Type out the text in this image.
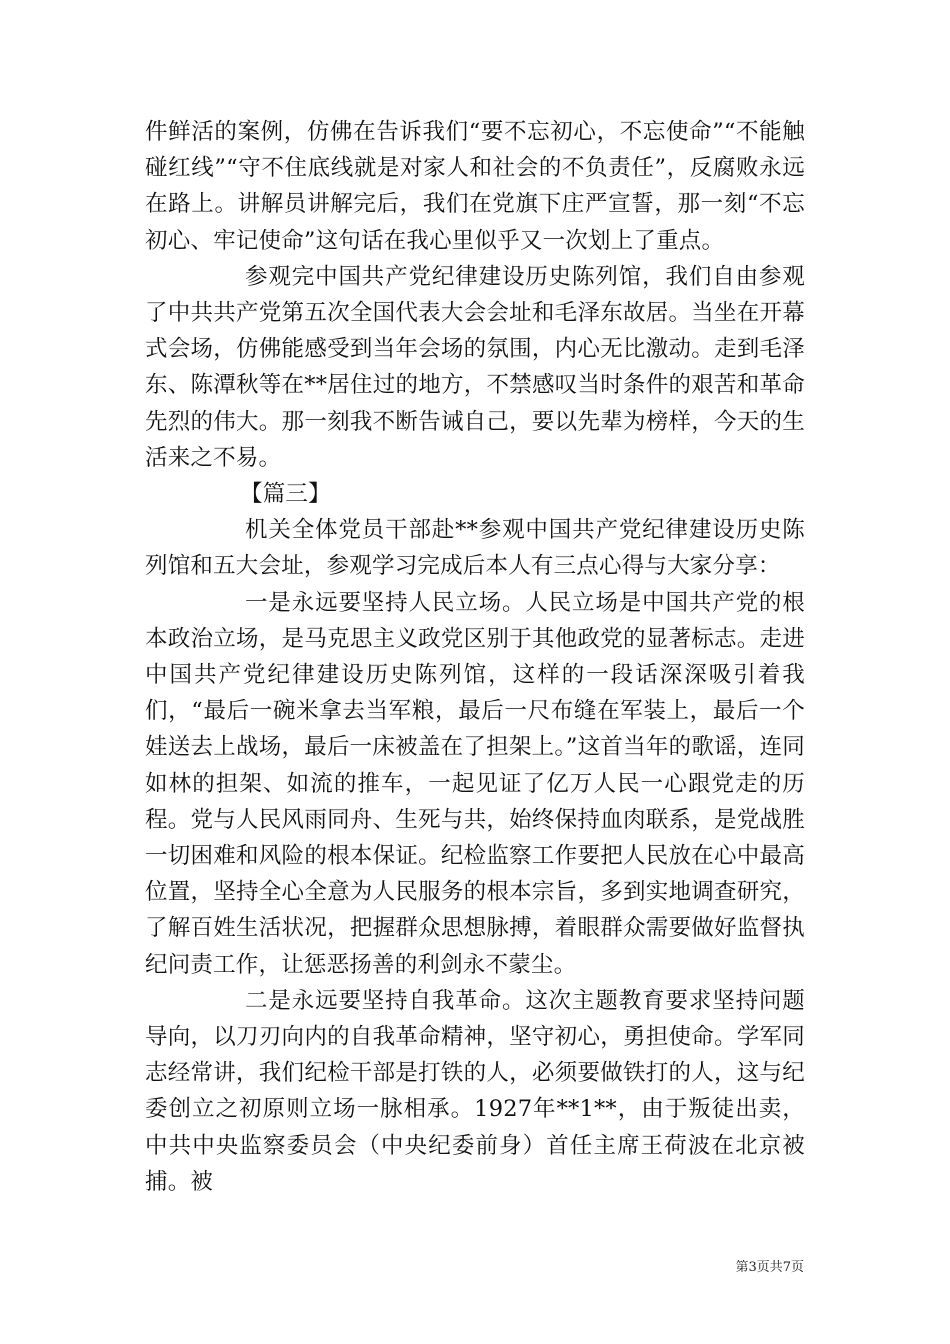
件鲜活的案例，仿佛在告诉我们“要不忘初心，不忘使命”“不能触碰红线”“守不住底线就是对家人和社会的不负责任”，反腐败永远在路上。讲解员讲解完后，我们在党旗下庄严宣誓，那一刻“不忘初心、牢记使命”这句话在我心里似乎又一次划上了重点。

参观完中国共产党纪律建设历史陈列馆，我们自由参观了中共共产党第五次全国代表大会会址和毛泽东故居。当坐在开幕式会场，仿佛能感受到当年会场的氛围，内心无比激动。走到毛泽东、陈潭秋等在**居住过的地方，不禁感叹当时条件的艰苦和革命先烈的伟大。那一刻我不断告诫自己，要以先辈为榜样，今天的生活来之不易。

【篇三】

机关全体党员干部赴**参观中国共产党纪律建设历史陈列馆和五大会址，参观学习完成后本人有三点心得与大家分享：

一是永远要坚持人民立场。人民立场是中国共产党的根本政治立场，是马克思主义政党区别于其他政党的显著标志。走进中国共产党纪律建设历史陈列馆，这样的一段话深深吸引着我们，“最后一碗米拿去当军粮，最后一尺布缝在军装上，最后一个娃送去上战场，最后一床被盖在了担架上。”这首当年的歌谣，连同如林的担架、如流的推车，一起见证了亿万人民一心跟党走的历程。党与人民风雨同舟、生死与共，始终保持血肉联系，是党战胜一切困难和风险的根本保证。纪检监察工作要把人民放在心中最高位置，坚持全心全意为人民服务的根本宗旨，多到实地调查研究，了解百姓生活状况，把握群众思想脉搏，着眼群众需要做好监督执纪问责工作，让惩恶扬善的利剑永不蒙尘。

二是永远要坚持自我革命。这次主题教育要求坚持问题导向，以刀刃向内的自我革命精神，坚守初心，勇担使命。学军同志经常讲，我们纪检干部是打铁的人，必须要做铁打的人，这与纪委创立之初原则立场一脉相承。1927年**1**，由于叛徒出卖，中共中央监察委员会（中央纪委前身）首任主席王荷波在北京被捕。被

第3页共7页
